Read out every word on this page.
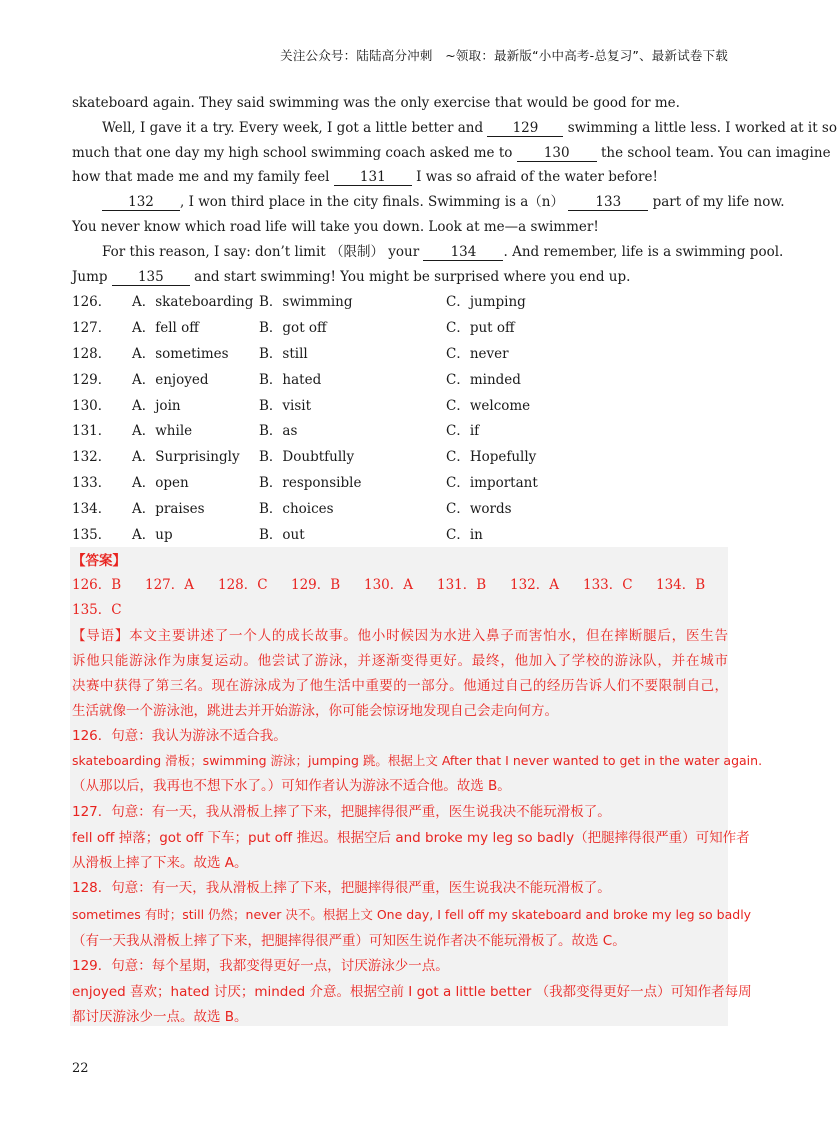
关注公众号：陆陆高分冲刺　~领取：最新版“小中高考-总复习”、最新试卷下载
skateboard again. They said swimming was the only exercise that would be good for me.
Well, I gave it a try. Every week, I got a little better and 129 swimming a little less. I worked at it so
much that one day my high school swimming coach asked me to 130 the school team. You can imagine
how that made me and my family feel 131 I was so afraid of the water before!
132 , I won third place in the city finals. Swimming is a（n） 133 part of my life now.
You never know which road life will take you down. Look at me—a swimmer!
For this reason, I say: don’t limit （限制） your 134 . And remember, life is a swimming pool.
Jump 135 and start swimming! You might be surprised where you end up.
126． A．skateboarding B．swimming	C．jumping
127． A．fell off	B．got off	C．put off
128． A．sometimes B．still	C．never
129． A．enjoyed	B．hated	C．minded
130． A．join	B．visit	C．welcome
131． A．while	B．as	C．if
132． A．Surprisingly B．Doubtfully	C．Hopefully
133． A．open	B．responsible	C．important
134． A．praises	B．choices	C．words
135． A．up	B．out	C．in
【答案】
126．B 127．A 128．C 129．B 130．A 131．B 132．A 133．C 134．B
135．C
【导语】本文主要讲述了一个人的成长故事。他小时候因为水进入鼻子而害怕水，但在摔断腿后，医生告
诉他只能游泳作为康复运动。他尝试了游泳，并逐渐变得更好。最终，他加入了学校的游泳队，并在城市
决赛中获得了第三名。现在游泳成为了他生活中重要的一部分。他通过自己的经历告诉人们不要限制自己，
生活就像一个游泳池，跳进去并开始游泳，你可能会惊讶地发现自己会走向何方。
126．句意：我认为游泳不适合我。
skateboarding 滑板；swimming 游泳；jumping 跳。根据上文 After that I never wanted to get in the water again.
（从那以后，我再也不想下水了。）可知作者认为游泳不适合他。故选 B。
127．句意：有一天，我从滑板上摔了下来，把腿摔得很严重，医生说我决不能玩滑板了。
fell off 掉落；got off 下车；put off 推迟。根据空后 and broke my leg so badly（把腿摔得很严重）可知作者
从滑板上摔了下来。故选 A。
128．句意：有一天，我从滑板上摔了下来，把腿摔得很严重，医生说我决不能玩滑板了。
sometimes 有时；still 仍然；never 决不。根据上文 One day, I fell off my skateboard and broke my leg so badly
（有一天我从滑板上摔了下来，把腿摔得很严重）可知医生说作者决不能玩滑板了。故选 C。
129．句意：每个星期，我都变得更好一点，讨厌游泳少一点。
enjoyed 喜欢；hated 讨厌；minded 介意。根据空前 I got a little better （我都变得更好一点）可知作者每周
都讨厌游泳少一点。故选 B。
22
